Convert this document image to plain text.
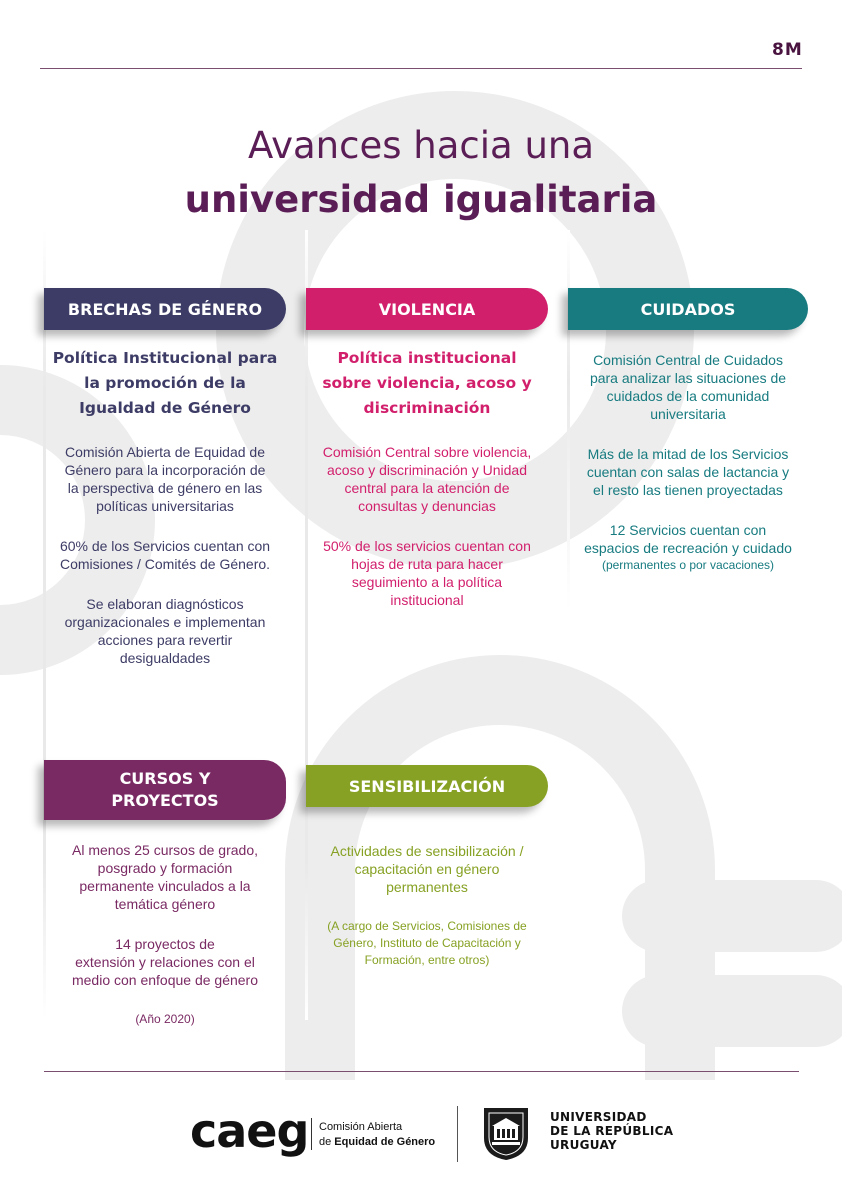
8M
Avances hacia una
universidad igualitaria
BRECHAS DE GÉNERO
Política Institucional para
la promoción de la
Igualdad de Género
Comisión Abierta de Equidad de
Género para la incorporación de
la perspectiva de género en las
políticas universitarias
60% de los Servicios cuentan con
Comisiones / Comités de Género.
Se elaboran diagnósticos
organizacionales e implementan
acciones para revertir
desigualdades
VIOLENCIA
Política institucional
sobre violencia, acoso y
discriminación
Comisión Central sobre violencia,
acoso y discriminación y Unidad
central para la atención de
consultas y denuncias
50% de los servicios cuentan con
hojas de ruta para hacer
seguimiento a la política
institucional
CUIDADOS
Comisión Central de Cuidados
para analizar las situaciones de
cuidados de la comunidad
universitaria
Más de la mitad de los Servicios
cuentan con salas de lactancia y
el resto las tienen proyectadas
12 Servicios cuentan con
espacios de recreación y cuidado
(permanentes o por vacaciones)
CURSOS Y
PROYECTOS
Al menos 25 cursos de grado,
posgrado y formación
permanente vinculados a la
temática género
14 proyectos de
extensión y relaciones con el
medio con enfoque de género
(Año 2020)
SENSIBILIZACIÓN
Actividades de sensibilización /
capacitación en género
permanentes
(A cargo de Servicios, Comisiones de
Género, Instituto de Capacitación y
Formación, entre otros)
caeg Comisión Abierta
de Equidad de Género
UNIVERSIDAD
DE LA REPÚBLICA
URUGUAY
